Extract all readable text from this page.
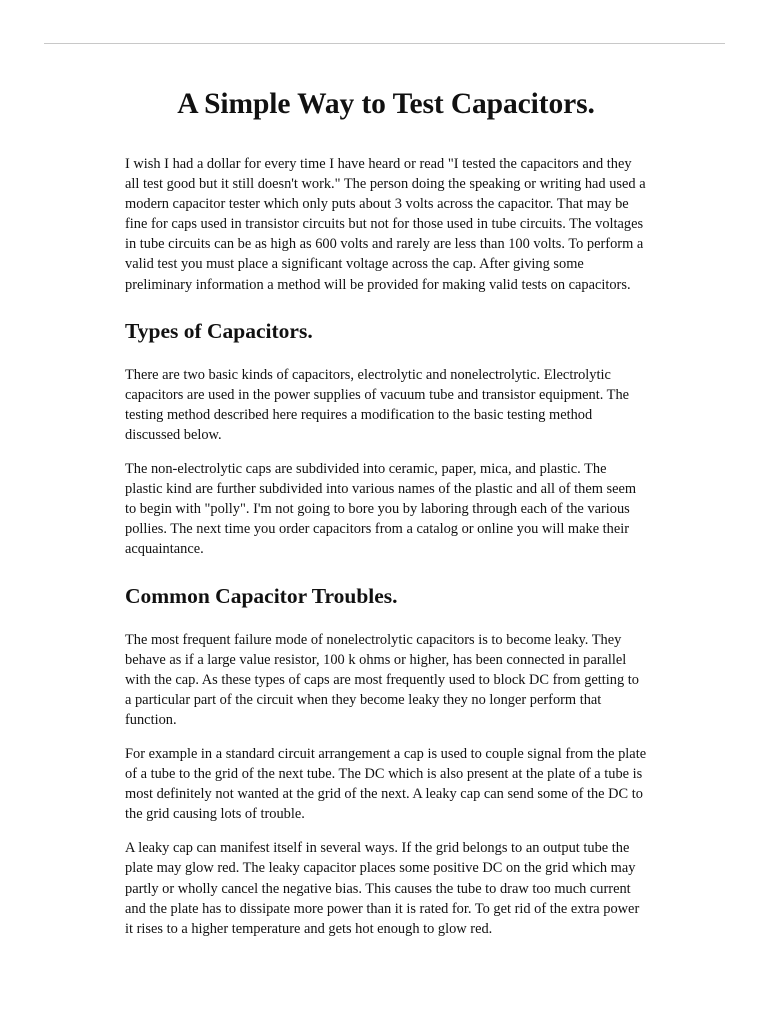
A Simple Way to Test Capacitors.

I wish I had a dollar for every time I have heard or read "I tested the capacitors and they all test good but it still doesn't work." The person doing the speaking or writing had used a modern capacitor tester which only puts about 3 volts across the capacitor. That may be fine for caps used in transistor circuits but not for those used in tube circuits. The voltages in tube circuits can be as high as 600 volts and rarely are less than 100 volts. To perform a valid test you must place a significant voltage across the cap. After giving some preliminary information a method will be provided for making valid tests on capacitors.

Types of Capacitors.

There are two basic kinds of capacitors, electrolytic and nonelectrolytic. Electrolytic capacitors are used in the power supplies of vacuum tube and transistor equipment. The testing method described here requires a modification to the basic testing method discussed below.

The non-electrolytic caps are subdivided into ceramic, paper, mica, and plastic. The plastic kind are further subdivided into various names of the plastic and all of them seem to begin with "polly". I'm not going to bore you by laboring through each of the various pollies. The next time you order capacitors from a catalog or online you will make their acquaintance.

Common Capacitor Troubles.

The most frequent failure mode of nonelectrolytic capacitors is to become leaky. They behave as if a large value resistor, 100 k ohms or higher, has been connected in parallel with the cap. As these types of caps are most frequently used to block DC from getting to a particular part of the circuit when they become leaky they no longer perform that function.

For example in a standard circuit arrangement a cap is used to couple signal from the plate of a tube to the grid of the next tube. The DC which is also present at the plate of a tube is most definitely not wanted at the grid of the next. A leaky cap can send some of the DC to the grid causing lots of trouble.

A leaky cap can manifest itself in several ways. If the grid belongs to an output tube the plate may glow red. The leaky capacitor places some positive DC on the grid which may partly or wholly cancel the negative bias. This causes the tube to draw too much current and the plate has to dissipate more power than it is rated for. To get rid of the extra power it rises to a higher temperature and gets hot enough to glow red.
